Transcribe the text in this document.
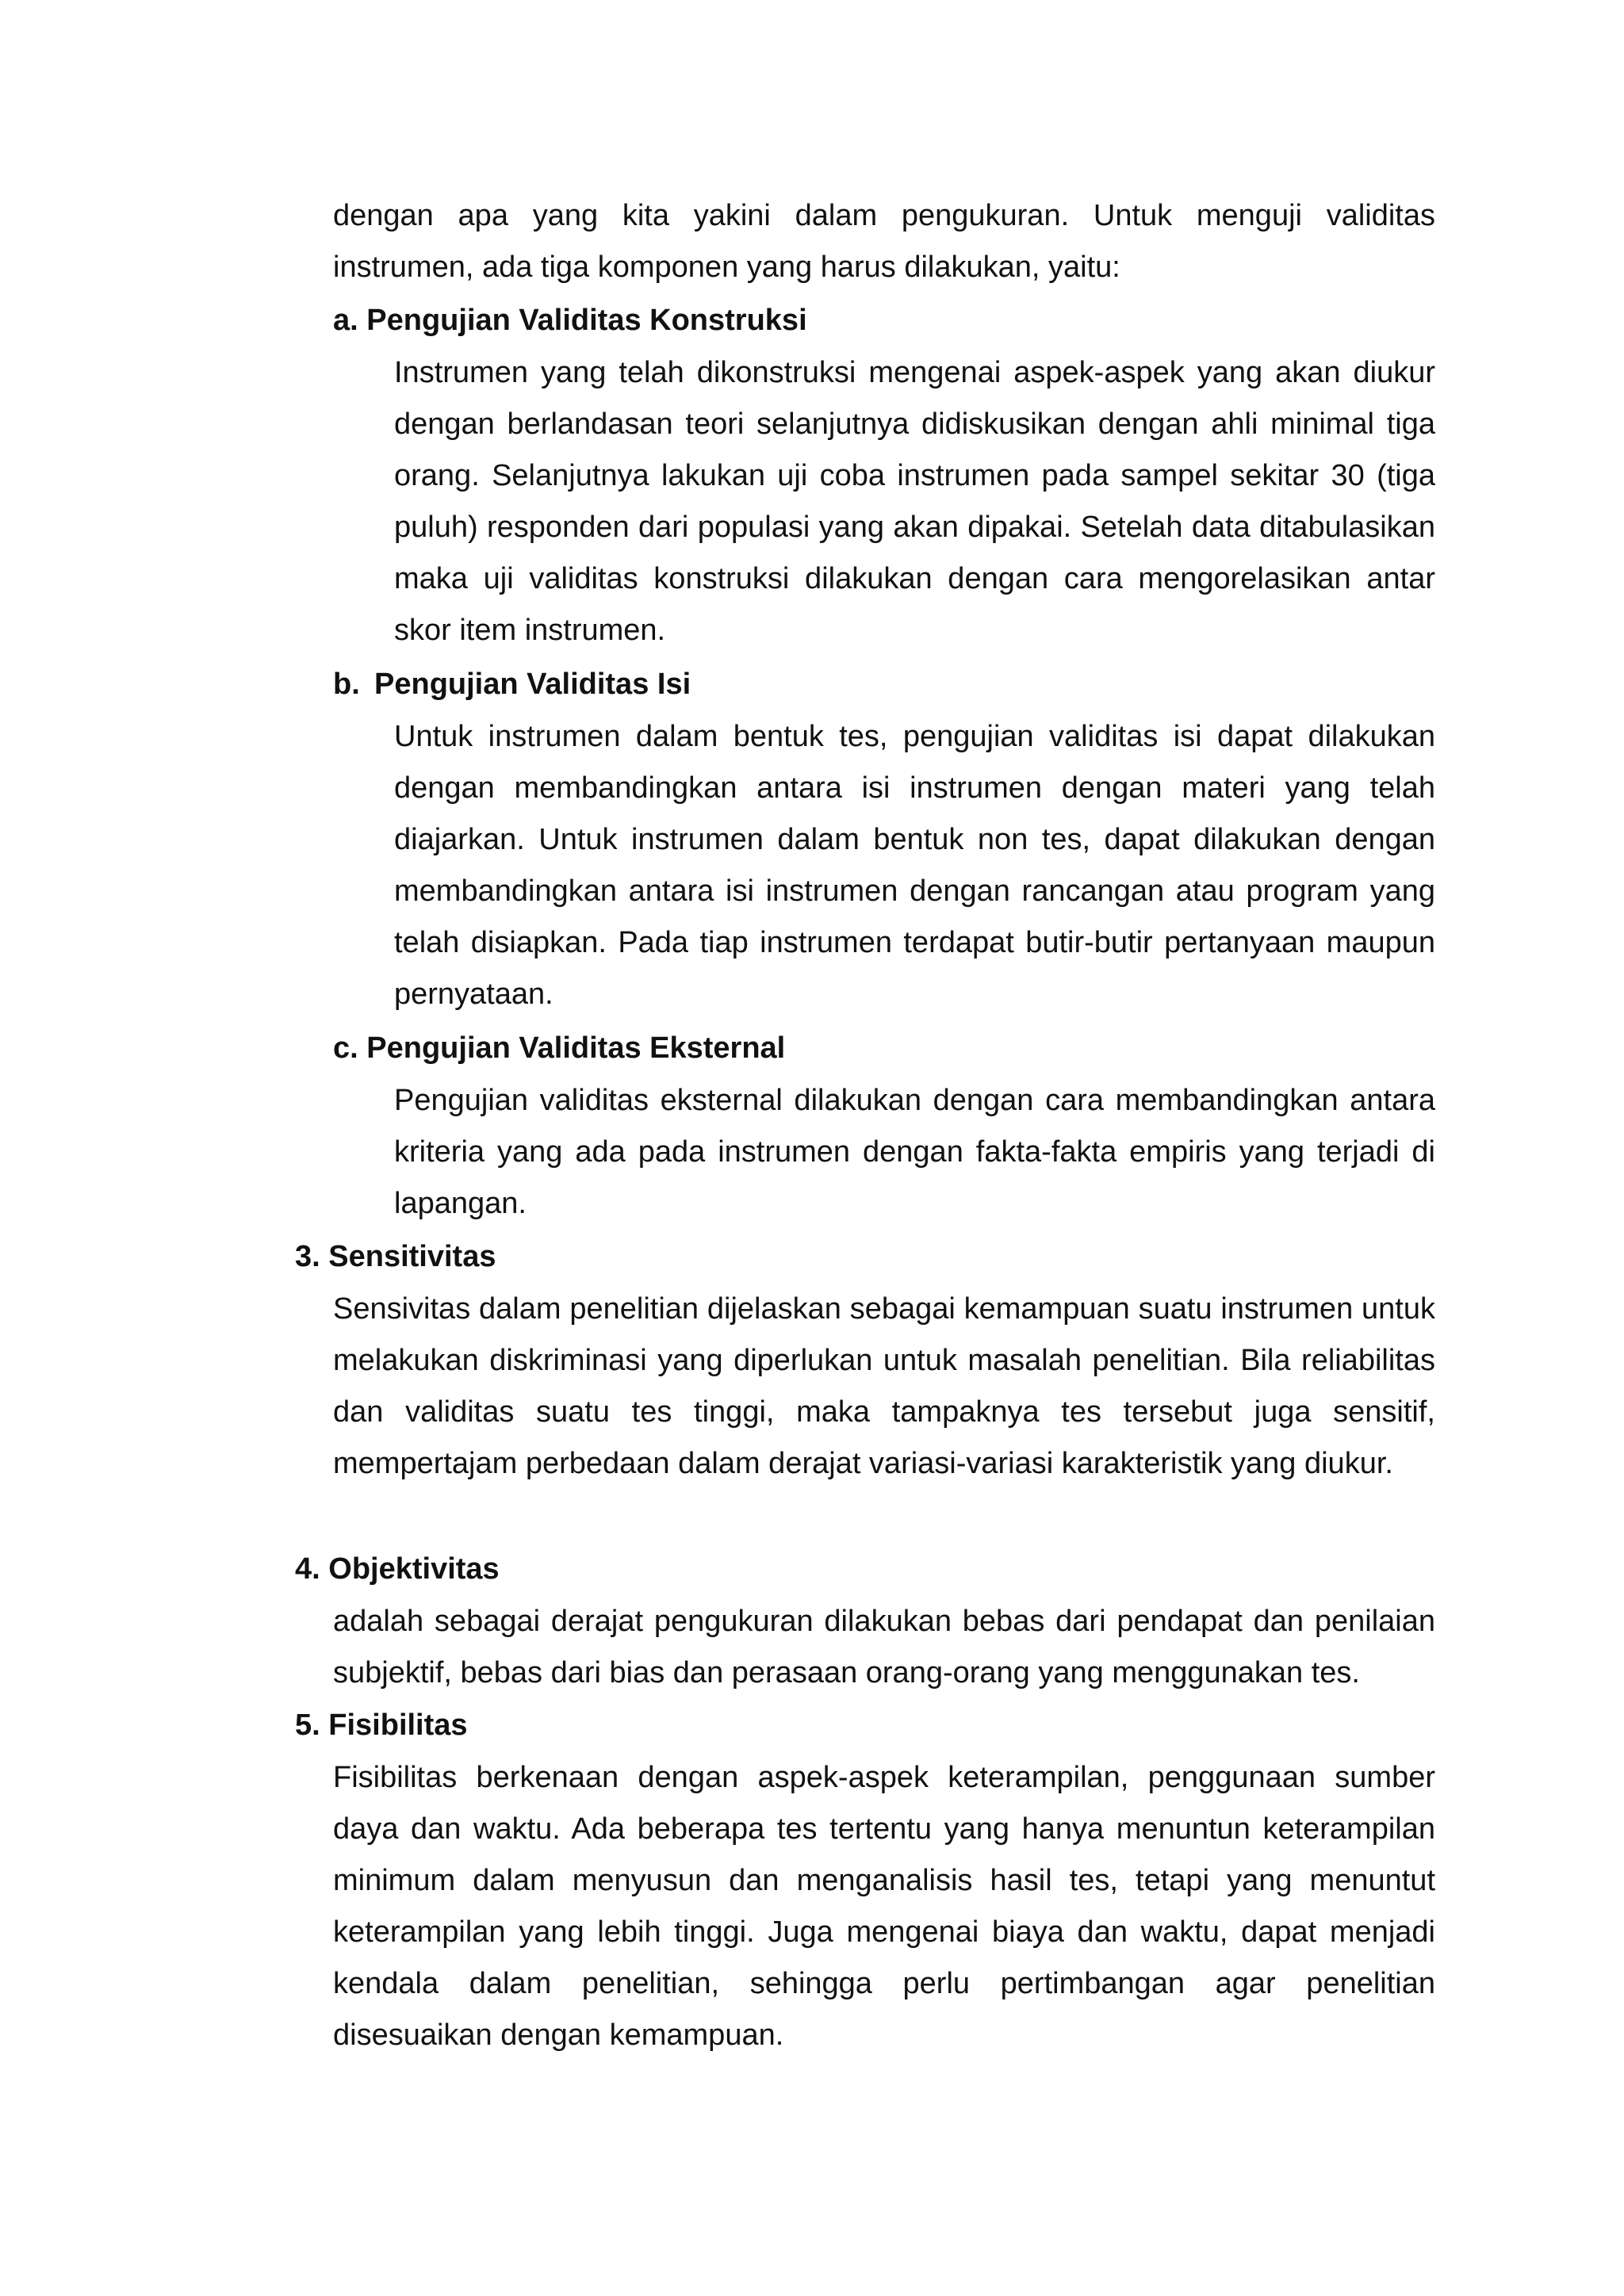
dengan apa yang kita yakini dalam pengukuran. Untuk menguji validitas instrumen, ada tiga komponen yang harus dilakukan, yaitu:

a. Pengujian Validitas Konstruksi

Instrumen yang telah dikonstruksi mengenai aspek-aspek yang akan diukur dengan berlandasan teori selanjutnya didiskusikan dengan ahli minimal tiga orang. Selanjutnya lakukan uji coba instrumen pada sampel sekitar 30 (tiga puluh) responden dari populasi yang akan dipakai. Setelah data ditabulasikan maka uji validitas konstruksi dilakukan dengan cara mengorelasikan antar skor item instrumen.

b. Pengujian Validitas Isi

Untuk instrumen dalam bentuk tes, pengujian validitas isi dapat dilakukan dengan membandingkan antara isi instrumen dengan materi yang telah diajarkan. Untuk instrumen dalam bentuk non tes, dapat dilakukan dengan membandingkan antara isi instrumen dengan rancangan atau program yang telah disiapkan. Pada tiap instrumen terdapat butir-butir pertanyaan maupun pernyataan.

c. Pengujian Validitas Eksternal

Pengujian validitas eksternal dilakukan dengan cara membandingkan antara kriteria yang ada pada instrumen dengan fakta-fakta empiris yang terjadi di lapangan.

3. Sensitivitas

Sensivitas dalam penelitian dijelaskan sebagai kemampuan suatu instrumen untuk melakukan diskriminasi yang diperlukan untuk masalah penelitian. Bila reliabilitas dan validitas suatu tes tinggi, maka tampaknya tes tersebut juga sensitif, mempertajam perbedaan dalam derajat variasi-variasi karakteristik yang diukur.

4. Objektivitas

adalah sebagai derajat pengukuran dilakukan bebas dari pendapat dan penilaian subjektif, bebas dari bias dan perasaan orang-orang yang menggunakan tes.

5. Fisibilitas

Fisibilitas berkenaan dengan aspek-aspek keterampilan, penggunaan sumber daya dan waktu. Ada beberapa tes tertentu yang hanya menuntun keterampilan minimum dalam menyusun dan menganalisis hasil tes, tetapi yang menuntut keterampilan yang lebih tinggi. Juga mengenai biaya dan waktu, dapat menjadi kendala dalam penelitian, sehingga perlu pertimbangan agar penelitian disesuaikan dengan kemampuan.
